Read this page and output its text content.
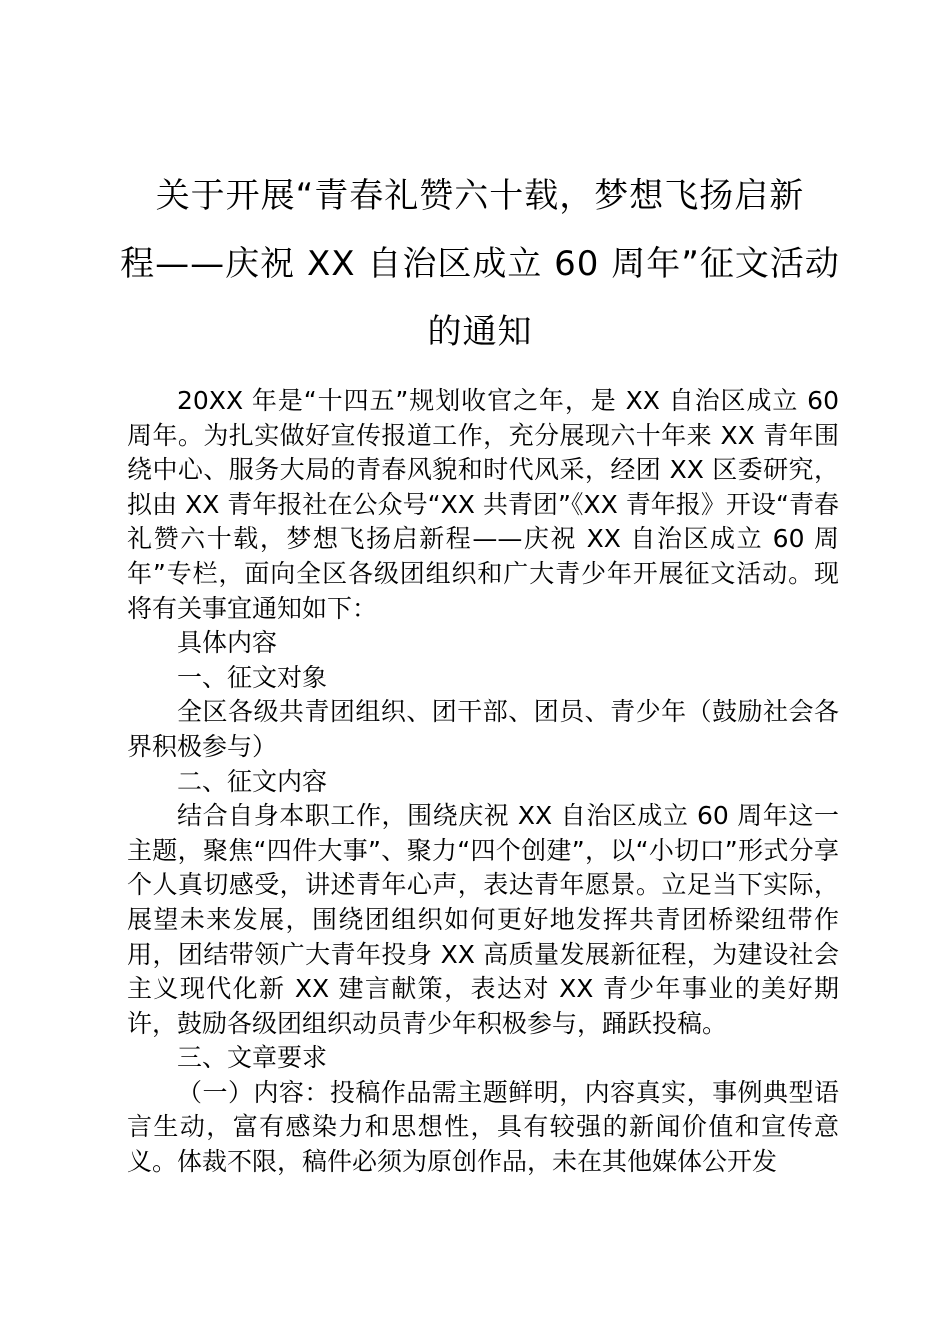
关于开展“青春礼赞六十载，梦想飞扬启新
程——庆祝 XX 自治区成立 60 周年”征文活动
的通知

20XX 年是“十四五”规划收官之年，是 XX 自治区成立 60 周年。为扎实做好宣传报道工作，充分展现六十年来 XX 青年围绕中心、服务大局的青春风貌和时代风采，经团 XX 区委研究，拟由 XX 青年报社在公众号“XX 共青团”《XX 青年报》开设“青春礼赞六十载，梦想飞扬启新程——庆祝 XX 自治区成立 60 周年”专栏，面向全区各级团组织和广大青少年开展征文活动。现将有关事宜通知如下：

具体内容

一、征文对象

全区各级共青团组织、团干部、团员、青少年（鼓励社会各界积极参与）

二、征文内容

结合自身本职工作，围绕庆祝 XX 自治区成立 60 周年这一主题，聚焦“四件大事”、聚力“四个创建”，以“小切口”形式分享个人真切感受，讲述青年心声，表达青年愿景。立足当下实际，展望未来发展，围绕团组织如何更好地发挥共青团桥梁纽带作用，团结带领广大青年投身 XX 高质量发展新征程，为建设社会主义现代化新 XX 建言献策，表达对 XX 青少年事业的美好期许，鼓励各级团组织动员青少年积极参与，踊跃投稿。

三、文章要求

（一）内容：投稿作品需主题鲜明，内容真实，事例典型语言生动，富有感染力和思想性，具有较强的新闻价值和宣传意义。体裁不限，稿件必须为原创作品，未在其他媒体公开发
